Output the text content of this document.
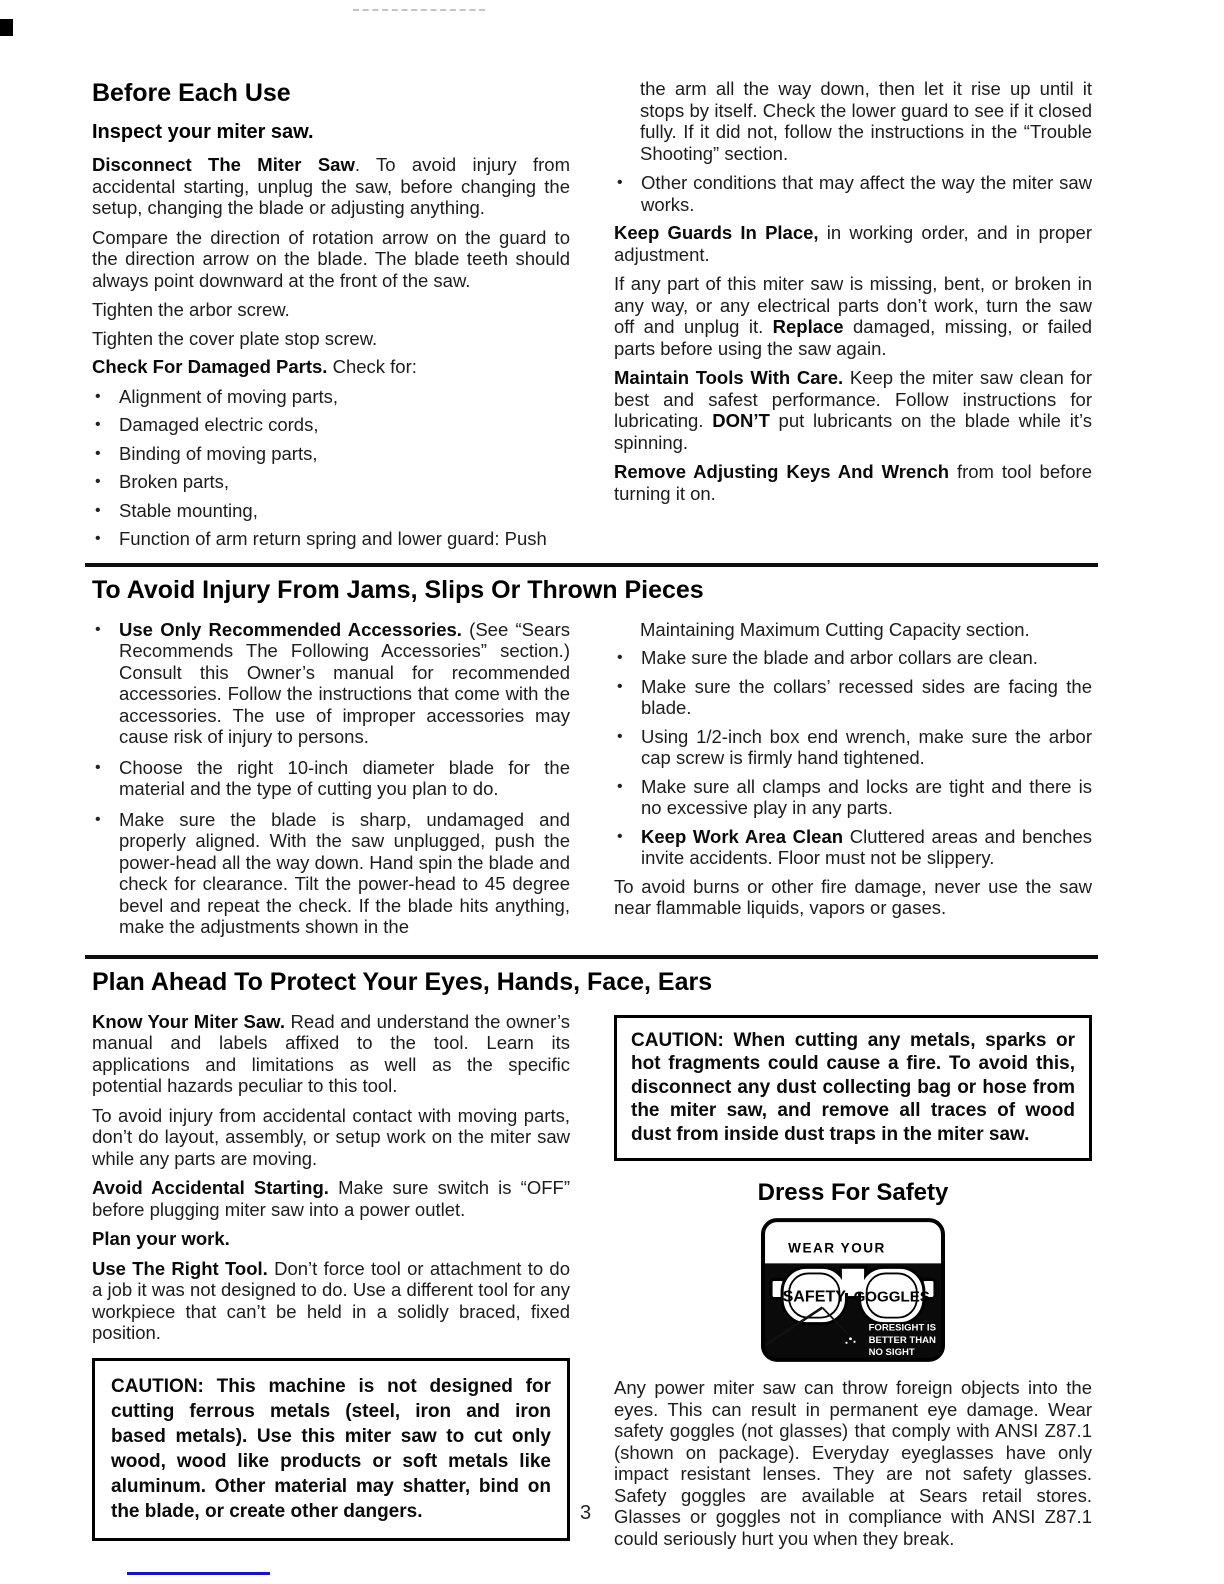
Before Each Use
Inspect your miter saw.

Disconnect The Miter Saw. To avoid injury from accidental starting, unplug the saw, before changing the setup, changing the blade or adjusting anything.

Compare the direction of rotation arrow on the guard to the direction arrow on the blade. The blade teeth should always point downward at the front of the saw.

Tighten the arbor screw.

Tighten the cover plate stop screw.

Check For Damaged Parts. Check for:

• Alignment of moving parts,
• Damaged electric cords,
• Binding of moving parts,
• Broken parts,
• Stable mounting,
• Function of arm return spring and lower guard: Push

the arm all the way down, then let it rise up until it stops by itself. Check the lower guard to see if it closed fully. If it did not, follow the instructions in the “Trouble Shooting” section.

• Other conditions that may affect the way the miter saw works.

Keep Guards In Place, in working order, and in proper adjustment.

If any part of this miter saw is missing, bent, or broken in any way, or any electrical parts don’t work, turn the saw off and unplug it. Replace damaged, missing, or failed parts before using the saw again.

Maintain Tools With Care. Keep the miter saw clean for best and safest performance. Follow instructions for lubricating. DON’T put lubricants on the blade while it’s spinning.

Remove Adjusting Keys And Wrench from tool before turning it on.

To Avoid Injury From Jams, Slips Or Thrown Pieces
• Use Only Recommended Accessories. (See “Sears Recommends The Following Accessories” section.) Consult this Owner’s manual for recommended accessories. Follow the instructions that come with the accessories. The use of improper accessories may cause risk of injury to persons.
• Choose the right 10-inch diameter blade for the material and the type of cutting you plan to do.
• Make sure the blade is sharp, undamaged and properly aligned. With the saw unplugged, push the power-head all the way down. Hand spin the blade and check for clearance. Tilt the power-head to 45 degree bevel and repeat the check. If the blade hits anything, make the adjustments shown in the

Maintaining Maximum Cutting Capacity section.

• Make sure the blade and arbor collars are clean.
• Make sure the collars’ recessed sides are facing the blade.
• Using 1/2-inch box end wrench, make sure the arbor cap screw is firmly hand tightened.
• Make sure all clamps and locks are tight and there is no excessive play in any parts.
• Keep Work Area Clean Cluttered areas and benches invite accidents. Floor must not be slippery.

To avoid burns or other fire damage, never use the saw near flammable liquids, vapors or gases.

Plan Ahead To Protect Your Eyes, Hands, Face, Ears

Know Your Miter Saw. Read and understand the owner’s manual and labels affixed to the tool. Learn its applications and limitations as well as the specific potential hazards peculiar to this tool.

To avoid injury from accidental contact with moving parts, don’t do layout, assembly, or setup work on the miter saw while any parts are moving.

Avoid Accidental Starting. Make sure switch is “OFF” before plugging miter saw into a power outlet.

Plan your work.

Use The Right Tool. Don’t force tool or attachment to do a job it was not designed to do. Use a different tool for any workpiece that can’t be held in a solidly braced, fixed position.

CAUTION: This machine is not designed for cutting ferrous metals (steel, iron and iron based metals). Use this miter saw to cut only wood, wood like products or soft metals like aluminum. Other material may shatter, bind on the blade, or create other dangers.
CAUTION: When cutting any metals, sparks or hot fragments could cause a fire. To avoid this, disconnect any dust collecting bag or hose from the miter saw, and remove all traces of wood dust from inside dust traps in the miter saw.
Dress For Safety
WEAR YOUR
SAFETY GOGGLES
FORESIGHT IS
BETTER THAN
NO SIGHT

Any power miter saw can throw foreign objects into the eyes. This can result in permanent eye damage. Wear safety goggles (not glasses) that comply with ANSI Z87.1 (shown on package). Everyday eyeglasses have only impact resistant lenses. They are not safety glasses. Safety goggles are available at Sears retail stores. Glasses or goggles not in compliance with ANSI Z87.1 could seriously hurt you when they break.

3
